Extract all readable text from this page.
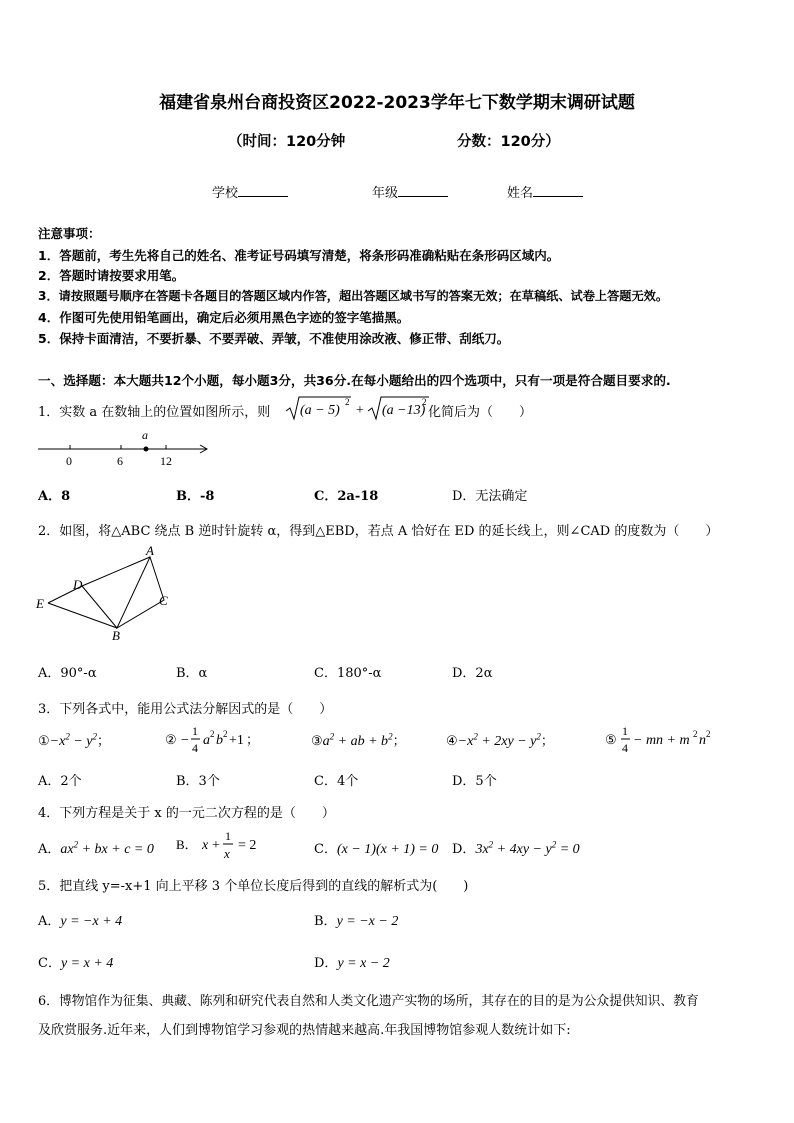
福建省泉州台商投资区2022-2023学年七下数学期末调研试题
（时间：120分钟	分数：120分）
学校	年级	姓名
注意事项：
1．答题前，考生先将自己的姓名、准考证号码填写清楚，将条形码准确粘贴在条形码区域内。
2．答题时请按要求用笔。
3．请按照题号顺序在答题卡各题目的答题区域内作答，超出答题区域书写的答案无效；在草稿纸、试卷上答题无效。
4．作图可先使用铅笔画出，确定后必须用黑色字迹的签字笔描黑。
5．保持卡面清洁，不要折暴、不要弄破、弄皱，不准使用涂改液、修正带、刮纸刀。
一、选择题：本大题共12个小题，每小题3分，共36分.在每小题给出的四个选项中，只有一项是符合题目要求的.
1．实数 a 在数轴上的位置如图所示，则 (a − 5)
2
+ (a −13)
2
化简后为（　　）
0	6	12
a
A．8	B．-8	C．2a-18	D．无法确定
2．如图，将△ABC 绕点 B 逆时针旋转 α，得到△EBD，若点 A 恰好在 ED 的延长线上，则∠CAD 的度数为（　　）
A
D
E	C
B
A．90°-α	B．α	C．180°-α	D．2α
3．下列各式中，能用公式法分解因式的是（　　）
$①-x^2 - y^2$；	② −
1
4 a 2 b 2 +1 ；	$③a^2$ + ab + $b^2$；	$④-x^2 + 2xy - y^2$；	⑤
1
4 − mn + m 2 n 2
A．2个	B．3个	C．4个	D．5个
4．下列方程是关于 x 的一元二次方程的是（　　）
A．$ax^2$ + bx + c = 0 B． x +
1
x
= 2	C．(x − 1)(x + 1) = 0 D．$3x^2 + 4xy - y^2 = 0$
5．把直线 y=-x+1 向上平移 3 个单位长度后得到的直线的解析式为(　　)
A．y = −x + 4	B．y = −x − 2
C．y = x + 4	D．y = x − 2
6．博物馆作为征集、典藏、陈列和研究代表自然和人类文化遗产实物的场所，其存在的目的是为公众提供知识、教育
及欣赏服务.近年来，人们到博物馆学习参观的热情越来越高.年我国博物馆参观人数统计如下:
